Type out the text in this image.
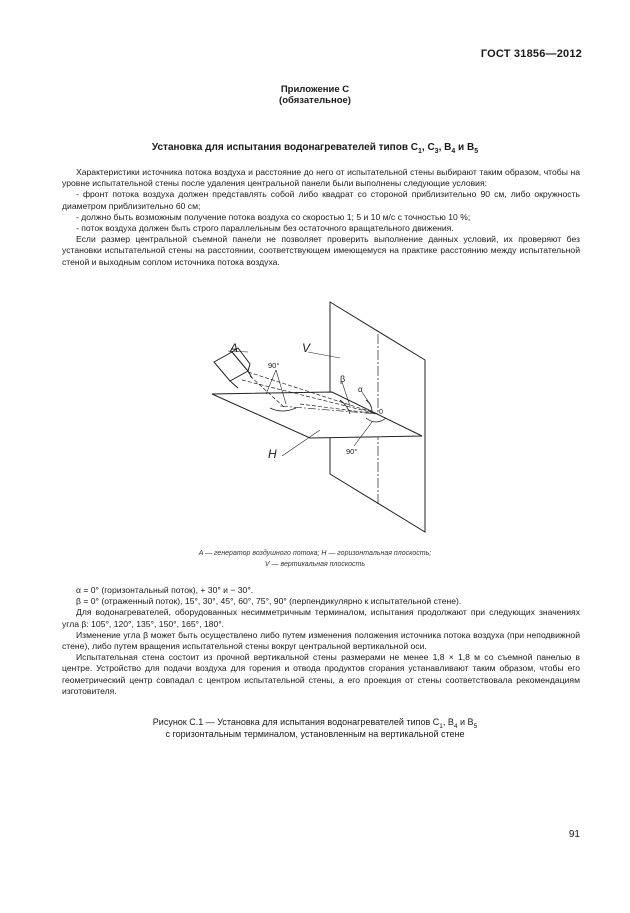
ГОСТ 31856—2012
Приложение С
(обязательное)
Установка для испытания водонагревателей типов $С_1$, $С_3$, $В_4$ и $В_5$

Характеристики источника потока воздуха и расстояние до него от испытательной стены выбирают таким образом, чтобы на уровне испытательной стены после удаления центральной панели были выполнены следующие условия:

- фронт потока воздуха должен представлять собой либо квадрат со стороной приблизительно 90 см, либо окружность диаметром приблизительно 60 см;

- должно быть возможным получение потока воздуха со скоростью 1; 5 и 10 м/с с точностью 10 %;

- поток воздуха должен быть строго параллельным без остаточного вращательного движения.

Если размер центральной съемной панели не позволяет проверить выполнение данных условий, их проверяют без установки испытательной стены на расстоянии, соответствующем имеющемуся на практике расстоянию между испытательной стеной и выходным соплом источника потока воздуха.

A	V
H
90°
90°
β
α
0
A — генератор воздушного потока; H — горизонтальная плоскость;
V — вертикальная плоскость

α = 0° (горизонтальный поток), + 30° и − 30°.

β = 0° (отраженный поток), 15°, 30°, 45°, 60°, 75°, 90° (перпендикулярно к испытательной стене).

Для водонагревателей, оборудованных несимметричным терминалом, испытания продолжают при следующих значениях угла β: 105°, 120°, 135°, 150°, 165°, 180°.

Изменение угла β может быть осуществлено либо путем изменения положения источника потока воздуха (при неподвижной стене), либо путем вращения испытательной стены вокруг центральной вертикальной оси.

Испытательная стена состоит из прочной вертикальной стены размерами не менее 1,8 × 1,8 м со съемной панелью в центре. Устройство для подачи воздуха для горения и отвода продуктов сгорания устанавливают таким образом, чтобы его геометрический центр совпадал с центром испытательной стены, а его проекция от стены соответствовала рекомендациям изготовителя.

Рисунок С.1 — Установка для испытания водонагревателей типов $С_1$, $В_4$ и $В_5$
с горизонтальным терминалом, установленным на вертикальной стене
91
